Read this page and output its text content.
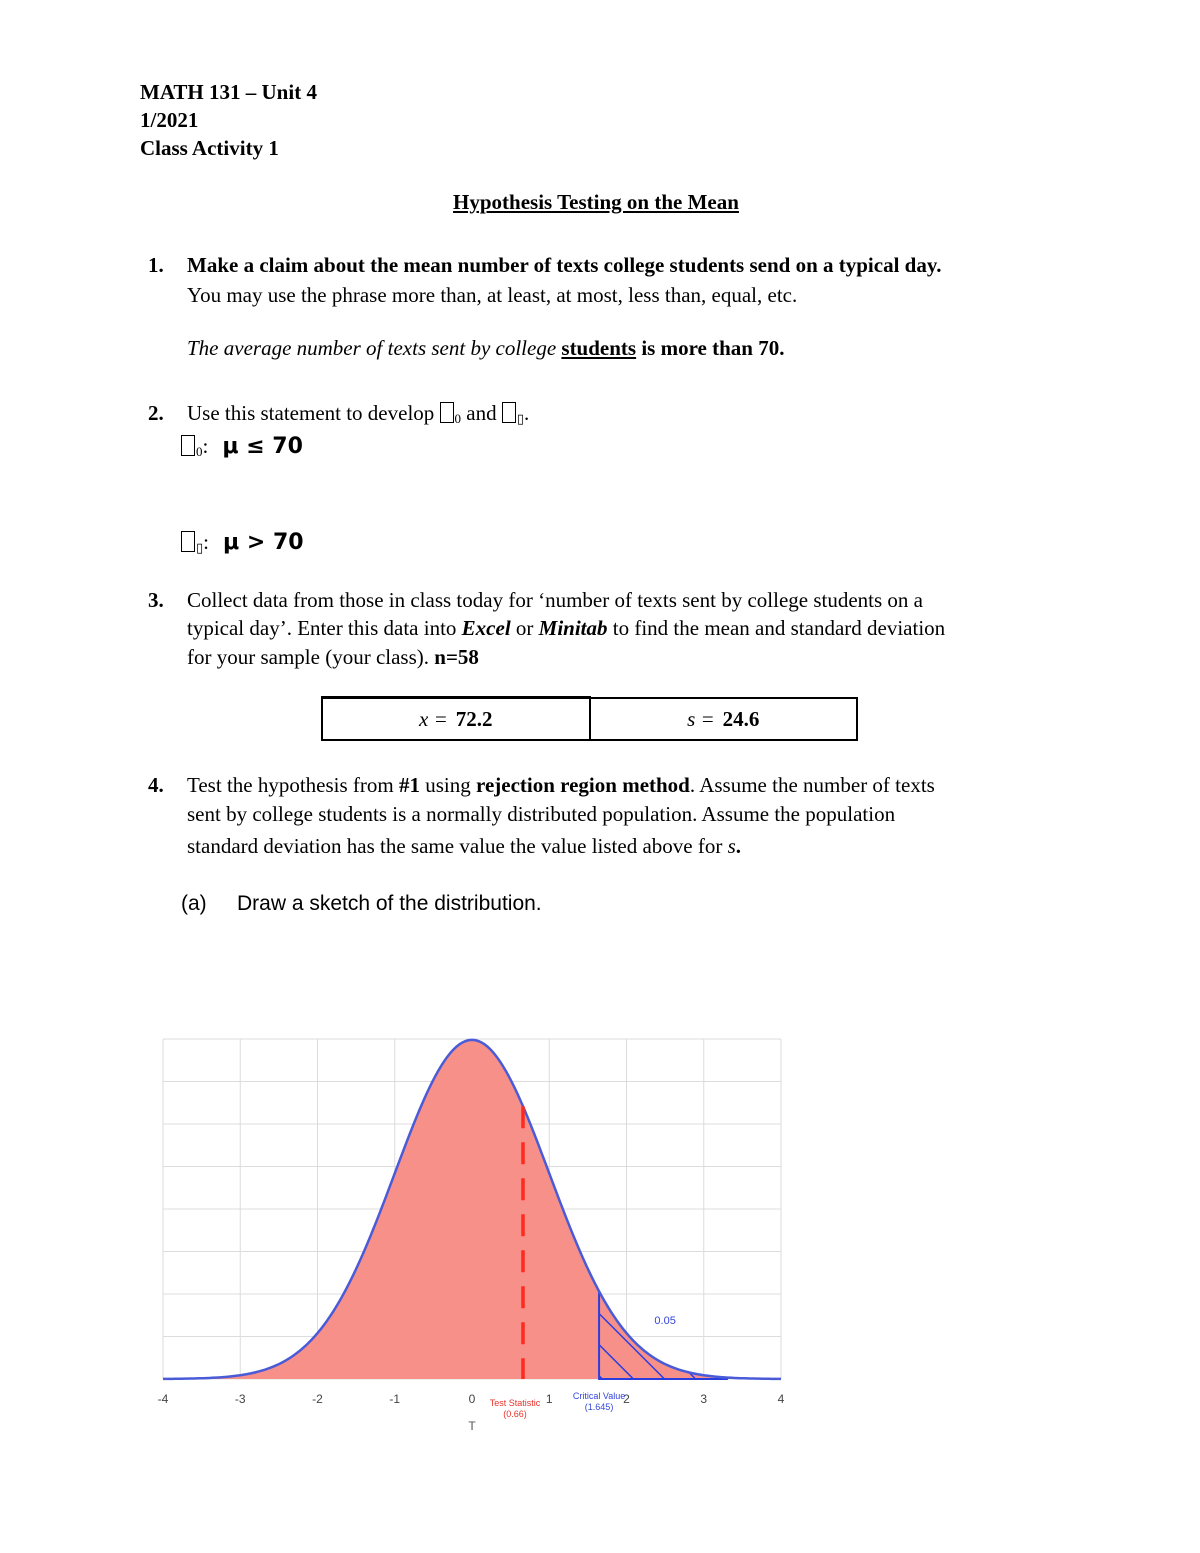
MATH 131 – Unit 4
1/2021
Class Activity 1
Hypothesis Testing on the Mean
1. Make a claim about the mean number of texts college students send on a typical day.
You may use the phrase more than, at least, at most, less than, equal, etc.
The average number of texts sent by college students is more than 70.
2. Use this statement to develop $_0$ and $_▯$.
$_0$: μ ≤ 70
$_▯$: μ > 70
3. Collect data from those in class today for ‘number of texts sent by college students on a
typical day’. Enter this data into Excel or Minitab to find the mean and standard deviation
for your sample (your class). n=58
x = 72.2	s = 24.6
4. Test the hypothesis from #1 using rejection region method. Assume the number of texts
sent by college students is a normally distributed population. Assume the population
standard deviation has the same value the value listed above for s.
(a) Draw a sketch of the distribution.
-4	-3	-2	-1	0	1	2	3	4
T
0.05
Test Statistic
(0.66)
Critical Value
(1.645)
